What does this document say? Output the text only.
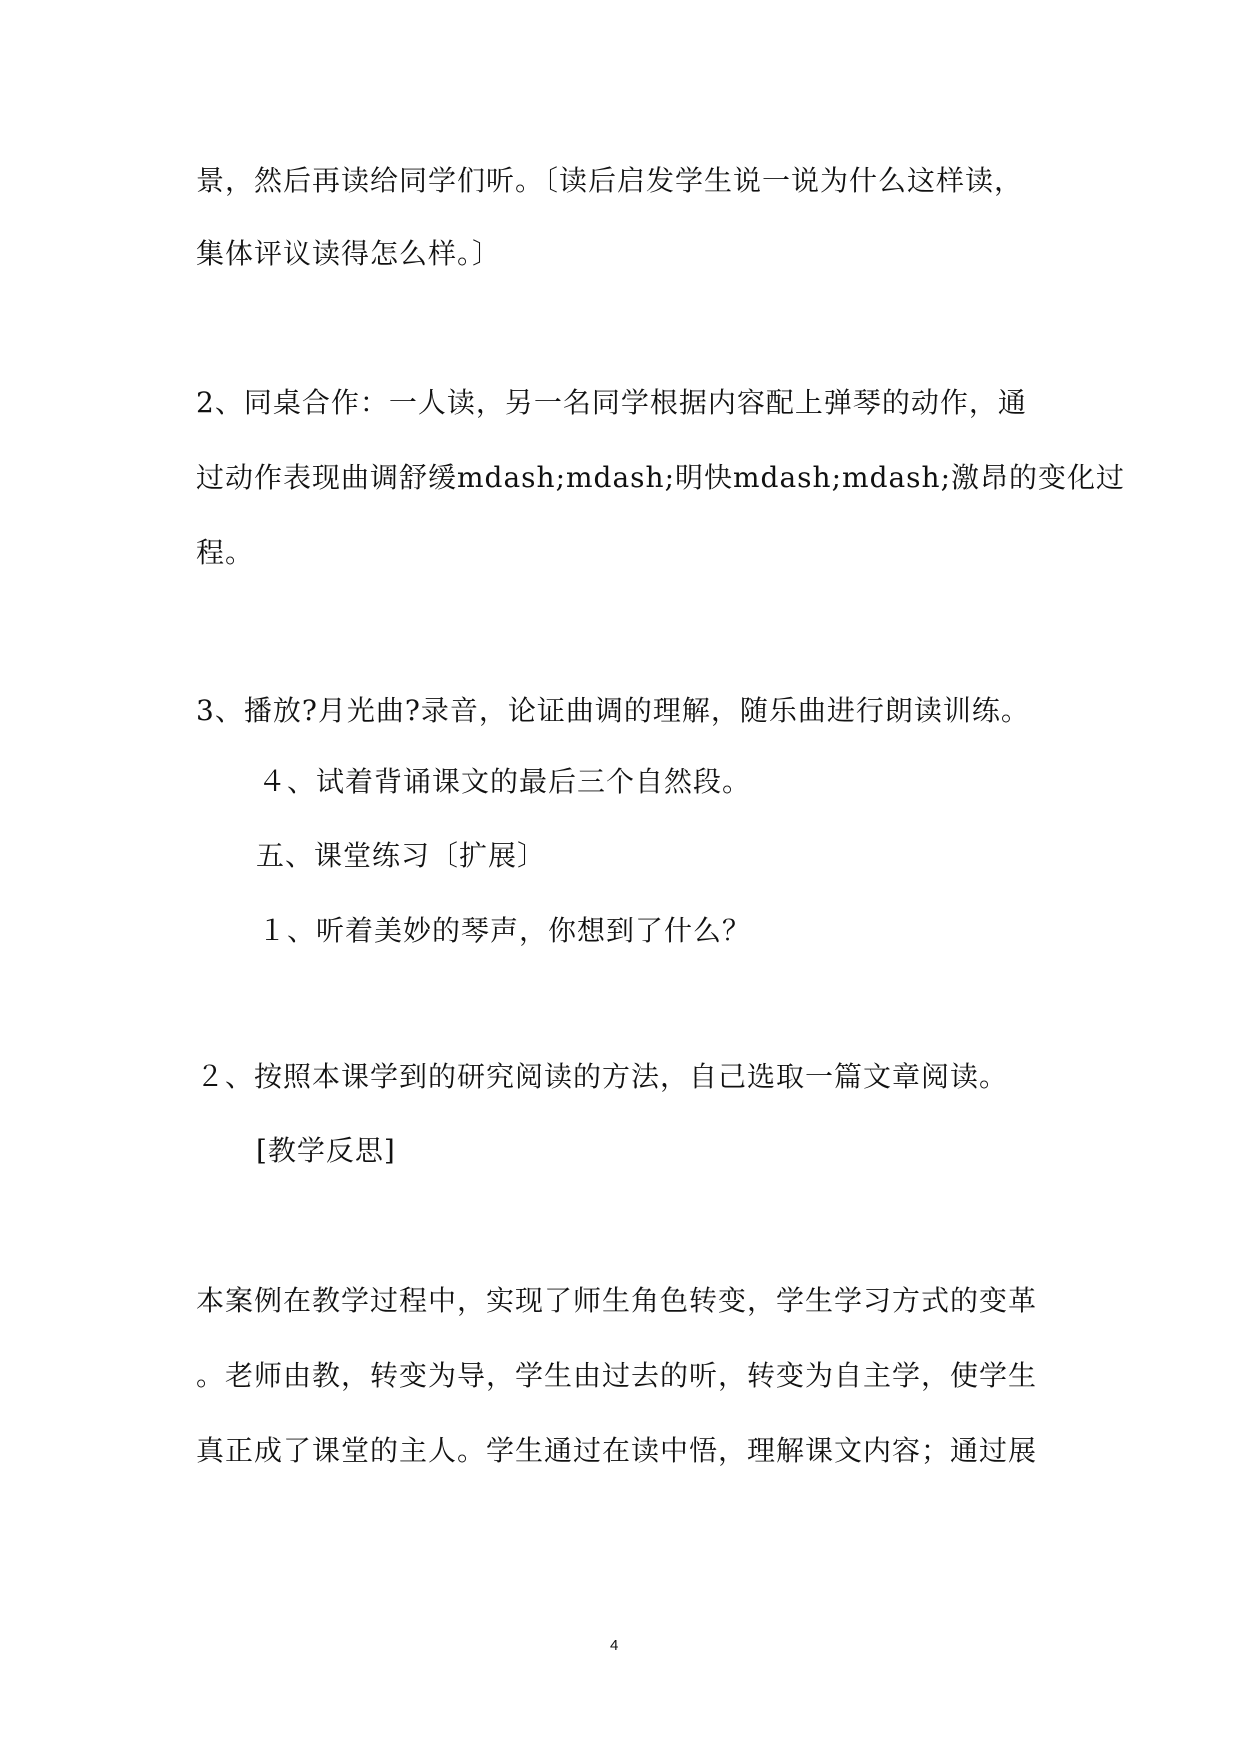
景，然后再读给同学们听。〔读后启发学生说一说为什么这样读，
集体评议读得怎么样。〕
2、同桌合作：一人读，另一名同学根据内容配上弹琴的动作，通
过动作表现曲调舒缓mdash;mdash;明快mdash;mdash;激昂的变化过
程。
3、播放?月光曲?录音，论证曲调的理解，随乐曲进行朗读训练。
４、试着背诵课文的最后三个自然段。
五、课堂练习〔扩展〕
１、听着美妙的琴声，你想到了什么？
２、按照本课学到的研究阅读的方法，自己选取一篇文章阅读。
[教学反思]
本案例在教学过程中，实现了师生角色转变，学生学习方式的变革
。老师由教，转变为导，学生由过去的听，转变为自主学，使学生
真正成了课堂的主人。学生通过在读中悟，理解课文内容；通过展
4
